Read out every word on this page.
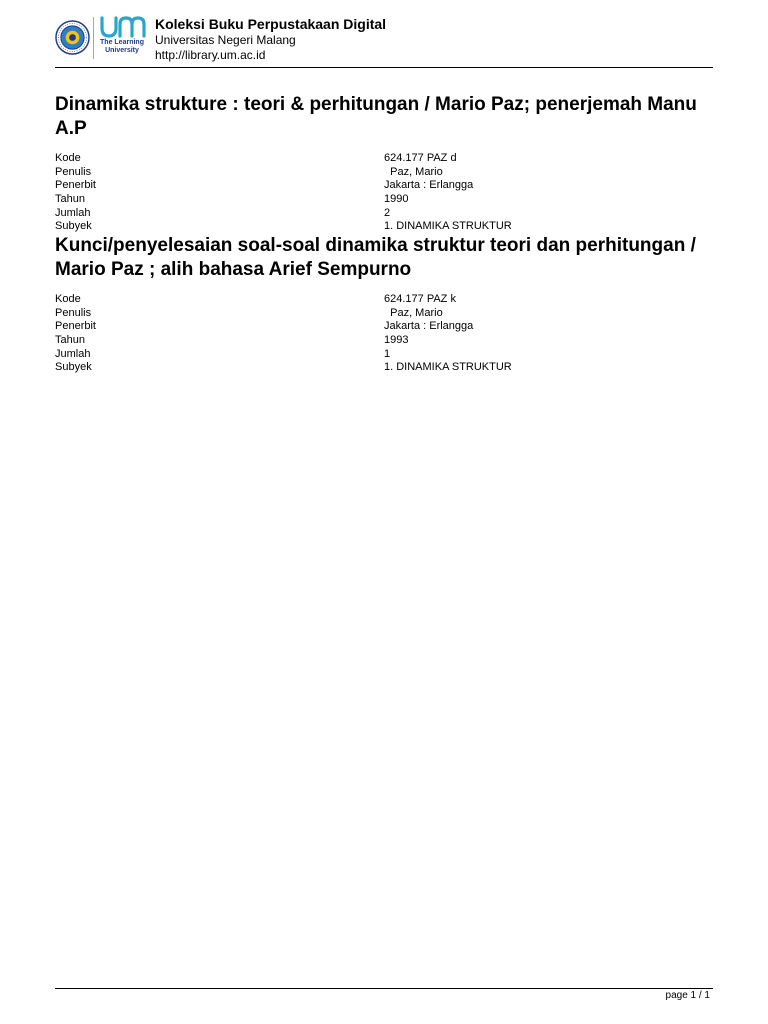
The Learning University
Koleksi Buku Perpustakaan Digital
Universitas Negeri Malang
http://library.um.ac.id
Dinamika strukture : teori & perhitungan / Mario Paz; penerjemah Manu A.P
Kode	624.177 PAZ d
Penulis	Paz, Mario
Penerbit	Jakarta : Erlangga
Tahun	1990
Jumlah	2
Subyek	1. DINAMIKA STRUKTUR
Kunci/penyelesaian soal-soal dinamika struktur teori dan perhitungan / Mario Paz ; alih bahasa Arief Sempurno
Kode	624.177 PAZ k
Penulis	Paz, Mario
Penerbit	Jakarta : Erlangga
Tahun	1993
Jumlah	1
Subyek	1. DINAMIKA STRUKTUR
page 1 / 1
